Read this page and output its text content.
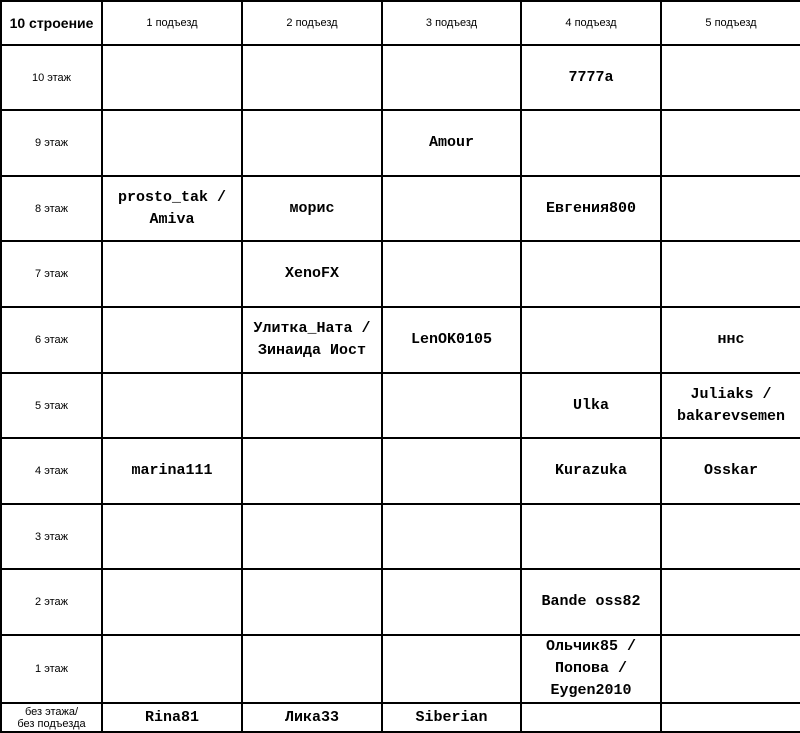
10 строение	1 подъезд	2 подъезд	3 подъезд	4 подъезд	5 подъезд
10 этаж				7777a	
9 этаж			Amour		
8 этаж	prosto_tak /
Amiva	морис		Евгения800	
7 этаж		XenoFX			
6 этаж		Улитка_Ната /
Зинаида Иост	LenOK0105		ннс
5 этаж				Ulka	Juliaks /
bakarevsemen
4 этаж	marina111			Kurazuka	Osskar
3 этаж					
2 этаж				Bande oss82	
1 этаж				Ольчик85 /
Попова /
Eygen2010	
без этажа/
без подъезда	Rina81	Лика33	Siberian		
